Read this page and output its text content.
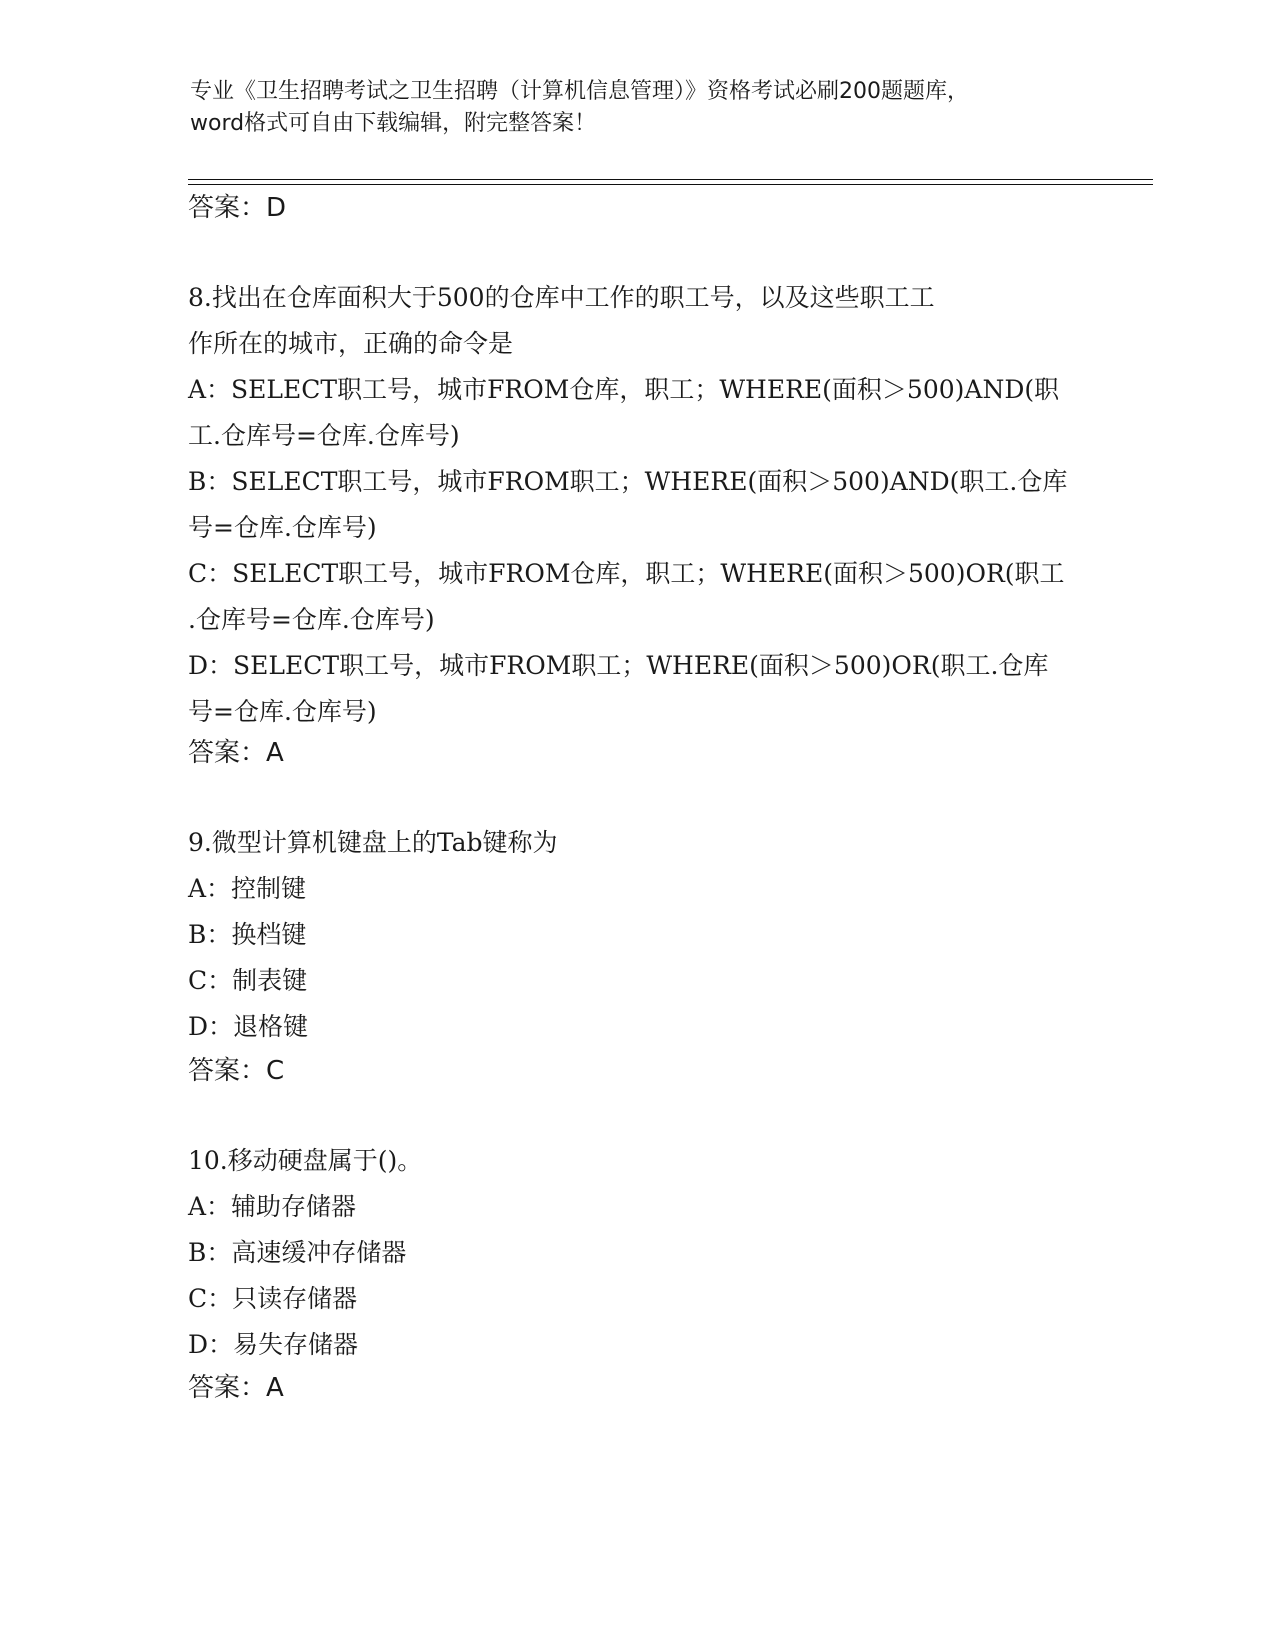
专业《卫生招聘考试之卫生招聘（计算机信息管理）》资格考试必刷200题题库，
word格式可自由下载编辑，附完整答案！
答案：D
8.找出在仓库面积大于500的仓库中工作的职工号，以及这些职工工
作所在的城市，正确的命令是
A：SELECT职工号，城市FROM仓库，职工；WHERE(面积＞500)AND(职
工.仓库号=仓库.仓库号)
B：SELECT职工号，城市FROM职工；WHERE(面积＞500)AND(职工.仓库
号=仓库.仓库号)
C：SELECT职工号，城市FROM仓库，职工；WHERE(面积＞500)OR(职工
.仓库号=仓库.仓库号)
D：SELECT职工号，城市FROM职工；WHERE(面积＞500)OR(职工.仓库
号=仓库.仓库号)
答案：A
9.微型计算机键盘上的Tab键称为
A：控制键
B：换档键
C：制表键
D：退格键
答案：C
10.移动硬盘属于()。
A：辅助存储器
B：高速缓冲存储器
C：只读存储器
D：易失存储器
答案：A
